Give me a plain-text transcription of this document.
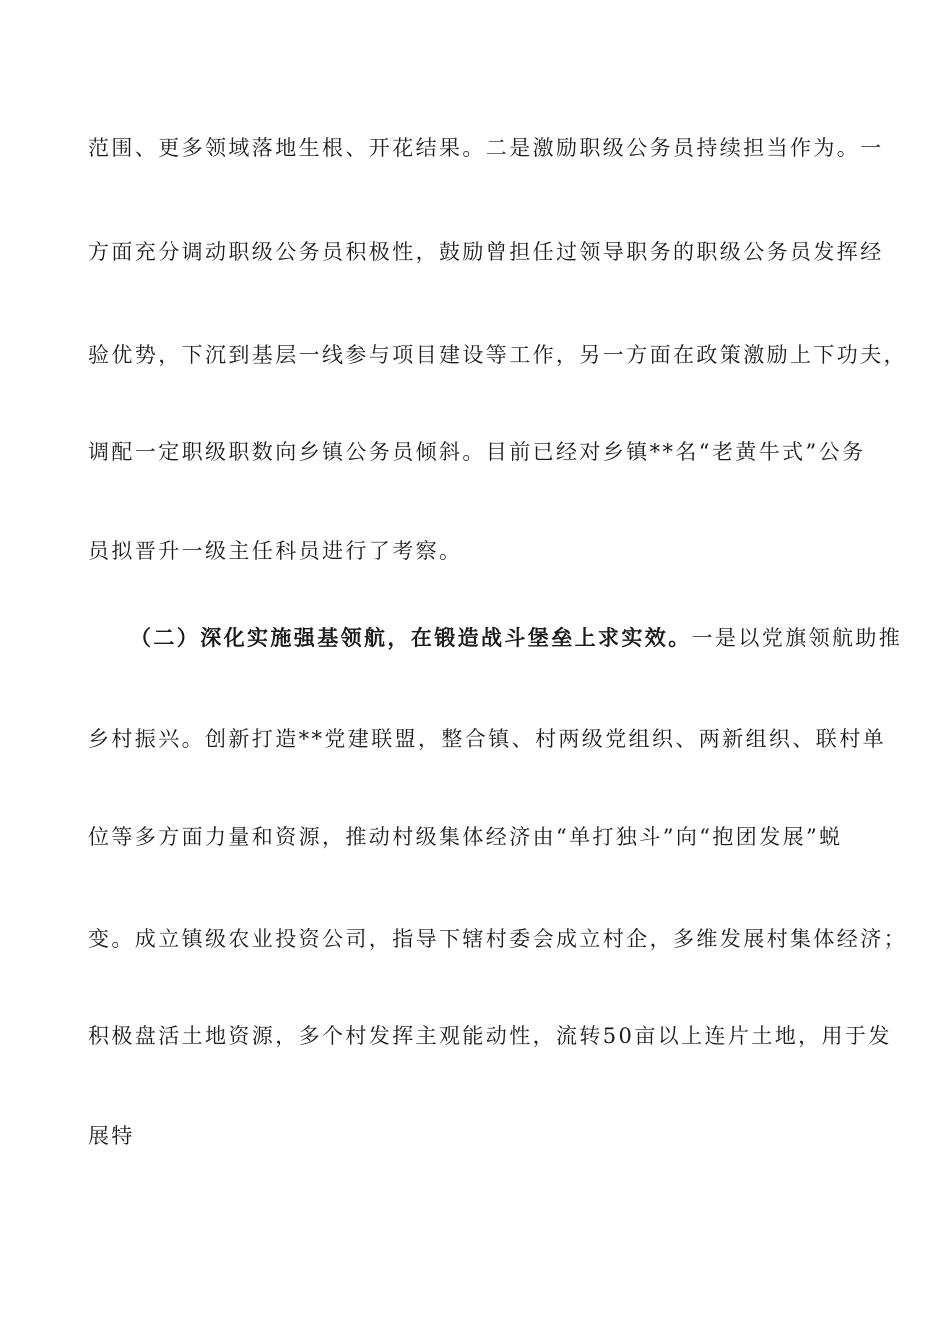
范围、更多领域落地生根、开花结果。二是激励职级公务员持续担当作为。一
方面充分调动职级公务员积极性，鼓励曾担任过领导职务的职级公务员发挥经
验优势，下沉到基层一线参与项目建设等工作，另一方面在政策激励上下功夫，
调配一定职级职数向乡镇公务员倾斜。目前已经对乡镇**名“老黄牛式”公务
员拟晋升一级主任科员进行了考察。
（二）深化实施强基领航，在锻造战斗堡垒上求实效。一是以党旗领航助推
乡村振兴。创新打造**党建联盟，整合镇、村两级党组织、两新组织、联村单
位等多方面力量和资源，推动村级集体经济由“单打独斗”向“抱团发展”蜕
变。成立镇级农业投资公司，指导下辖村委会成立村企，多维发展村集体经济；
积极盘活土地资源，多个村发挥主观能动性，流转50亩以上连片土地，用于发
展特
